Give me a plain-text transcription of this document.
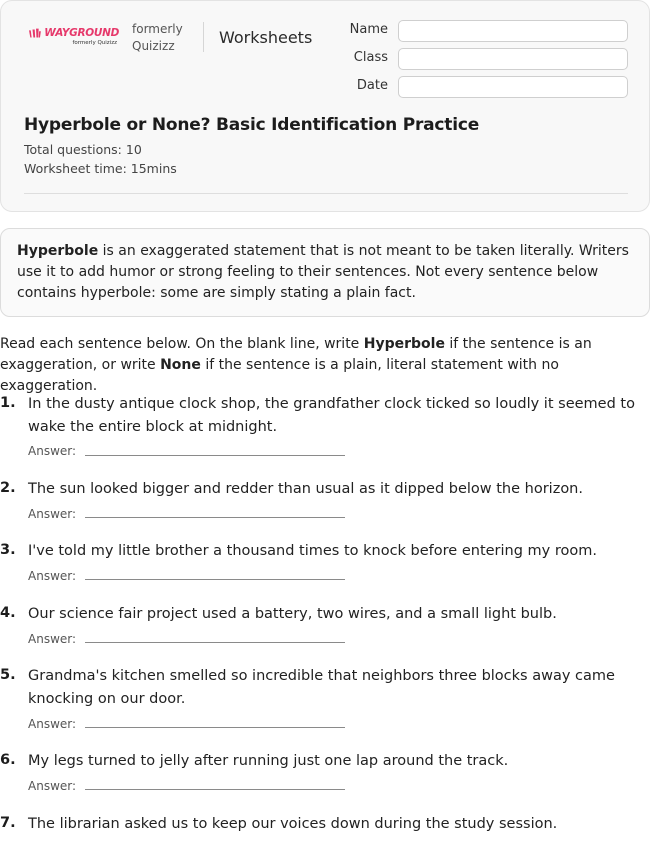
WAYGROUND
formerly Quizizz
formerly
Quizizz	Worksheets	Name
Class
Date
Hyperbole or None? Basic Identification Practice
Total questions: 10
Worksheet time: 15mins
Hyperbole is an exaggerated statement that is not meant to be taken literally. Writers use it to add humor or strong feeling to their sentences. Not every sentence below contains hyperbole: some are simply stating a plain fact.
Read each sentence below. On the blank line, write Hyperbole if the sentence is an exaggeration, or write None if the sentence is a plain, literal statement with no exaggeration.
1. In the dusty antique clock shop, the grandfather clock ticked so loudly it seemed to wake the entire block at midnight.
Answer:
2. The sun looked bigger and redder than usual as it dipped below the horizon.
Answer:
3. I've told my little brother a thousand times to knock before entering my room.
Answer:
4. Our science fair project used a battery, two wires, and a small light bulb.
Answer:
5. Grandma's kitchen smelled so incredible that neighbors three blocks away came knocking on our door.
Answer:
6. My legs turned to jelly after running just one lap around the track.
Answer:
7. The librarian asked us to keep our voices down during the study session.
